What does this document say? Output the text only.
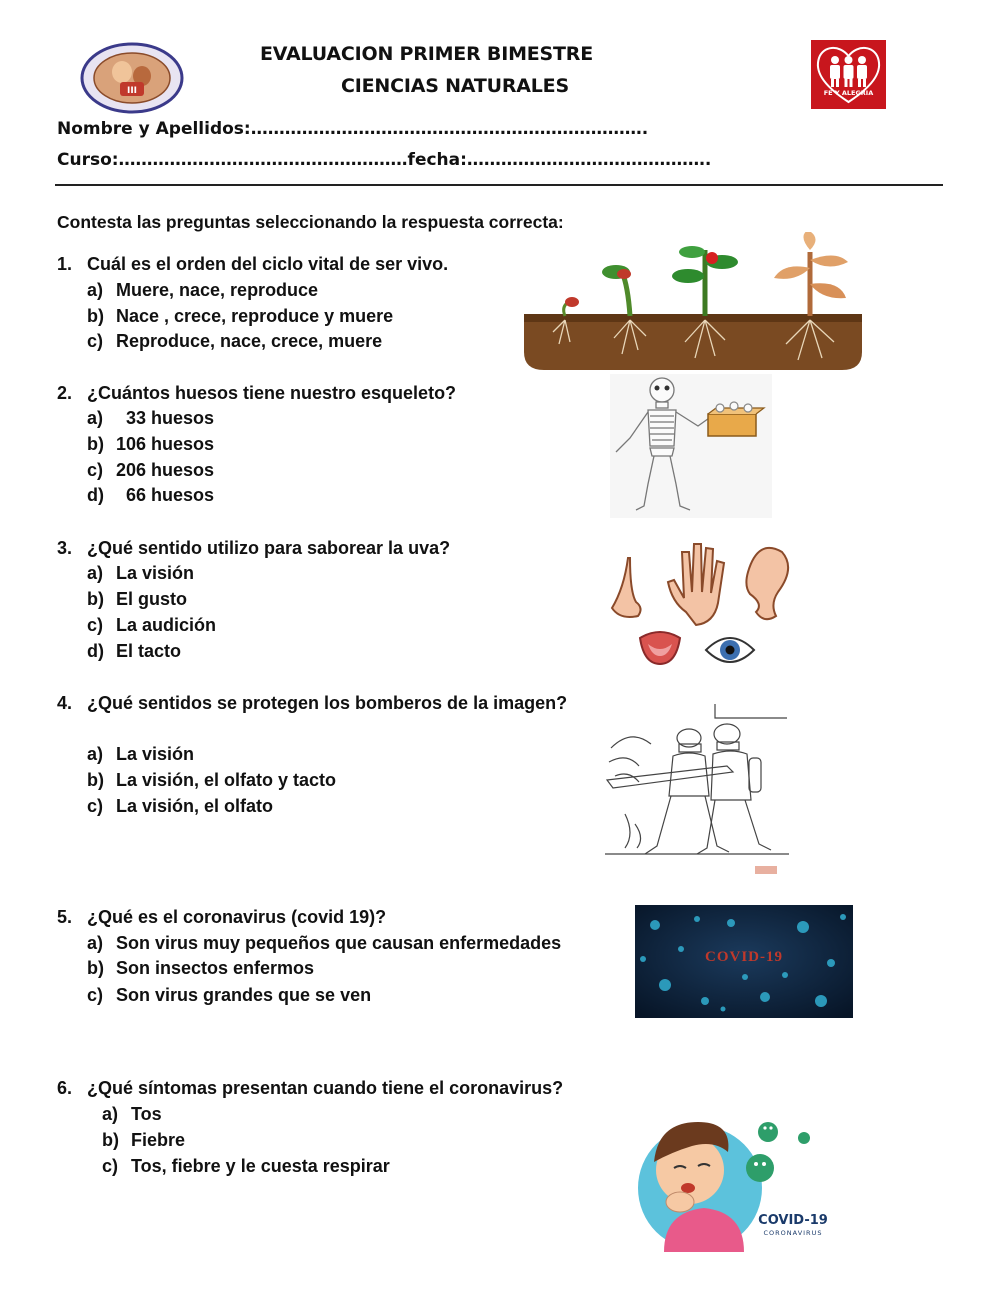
III
EVALUACION PRIMER BIMESTRE
CIENCIAS NATURALES	FE Y ALEGRIA
Nombre y Apellidos:…………………………………………………………….
Curso:……………………………………………fecha:…………………………………….
Contesta las preguntas seleccionando la respuesta correcta:
1. Cuál es el orden del ciclo vital de ser vivo.
a) Muere, nace, reproduce
b) Nace , crece, reproduce y muere
c) Reproduce, nace, crece, muere
2. ¿Cuántos huesos tiene nuestro esqueleto?
a)  33 huesos
b) 106 huesos
c) 206 huesos
d)  66 huesos
3. ¿Qué sentido utilizo para saborear la uva?
a) La visión
b) El gusto
c) La audición
d) El tacto
4. ¿Qué sentidos se protegen los bomberos de la imagen?
a) La visión
b) La visión, el olfato y tacto
c) La visión, el olfato
5. ¿Qué es el coronavirus (covid 19)?
a) Son virus muy pequeños que causan enfermedades
b) Son insectos enfermos
c) Son virus grandes que se ven
COVID-19
6. ¿Qué síntomas presentan cuando tiene el coronavirus?
a) Tos
b) Fiebre
c) Tos, fiebre y le cuesta respirar
COVID-19
CORONAVIRUS
